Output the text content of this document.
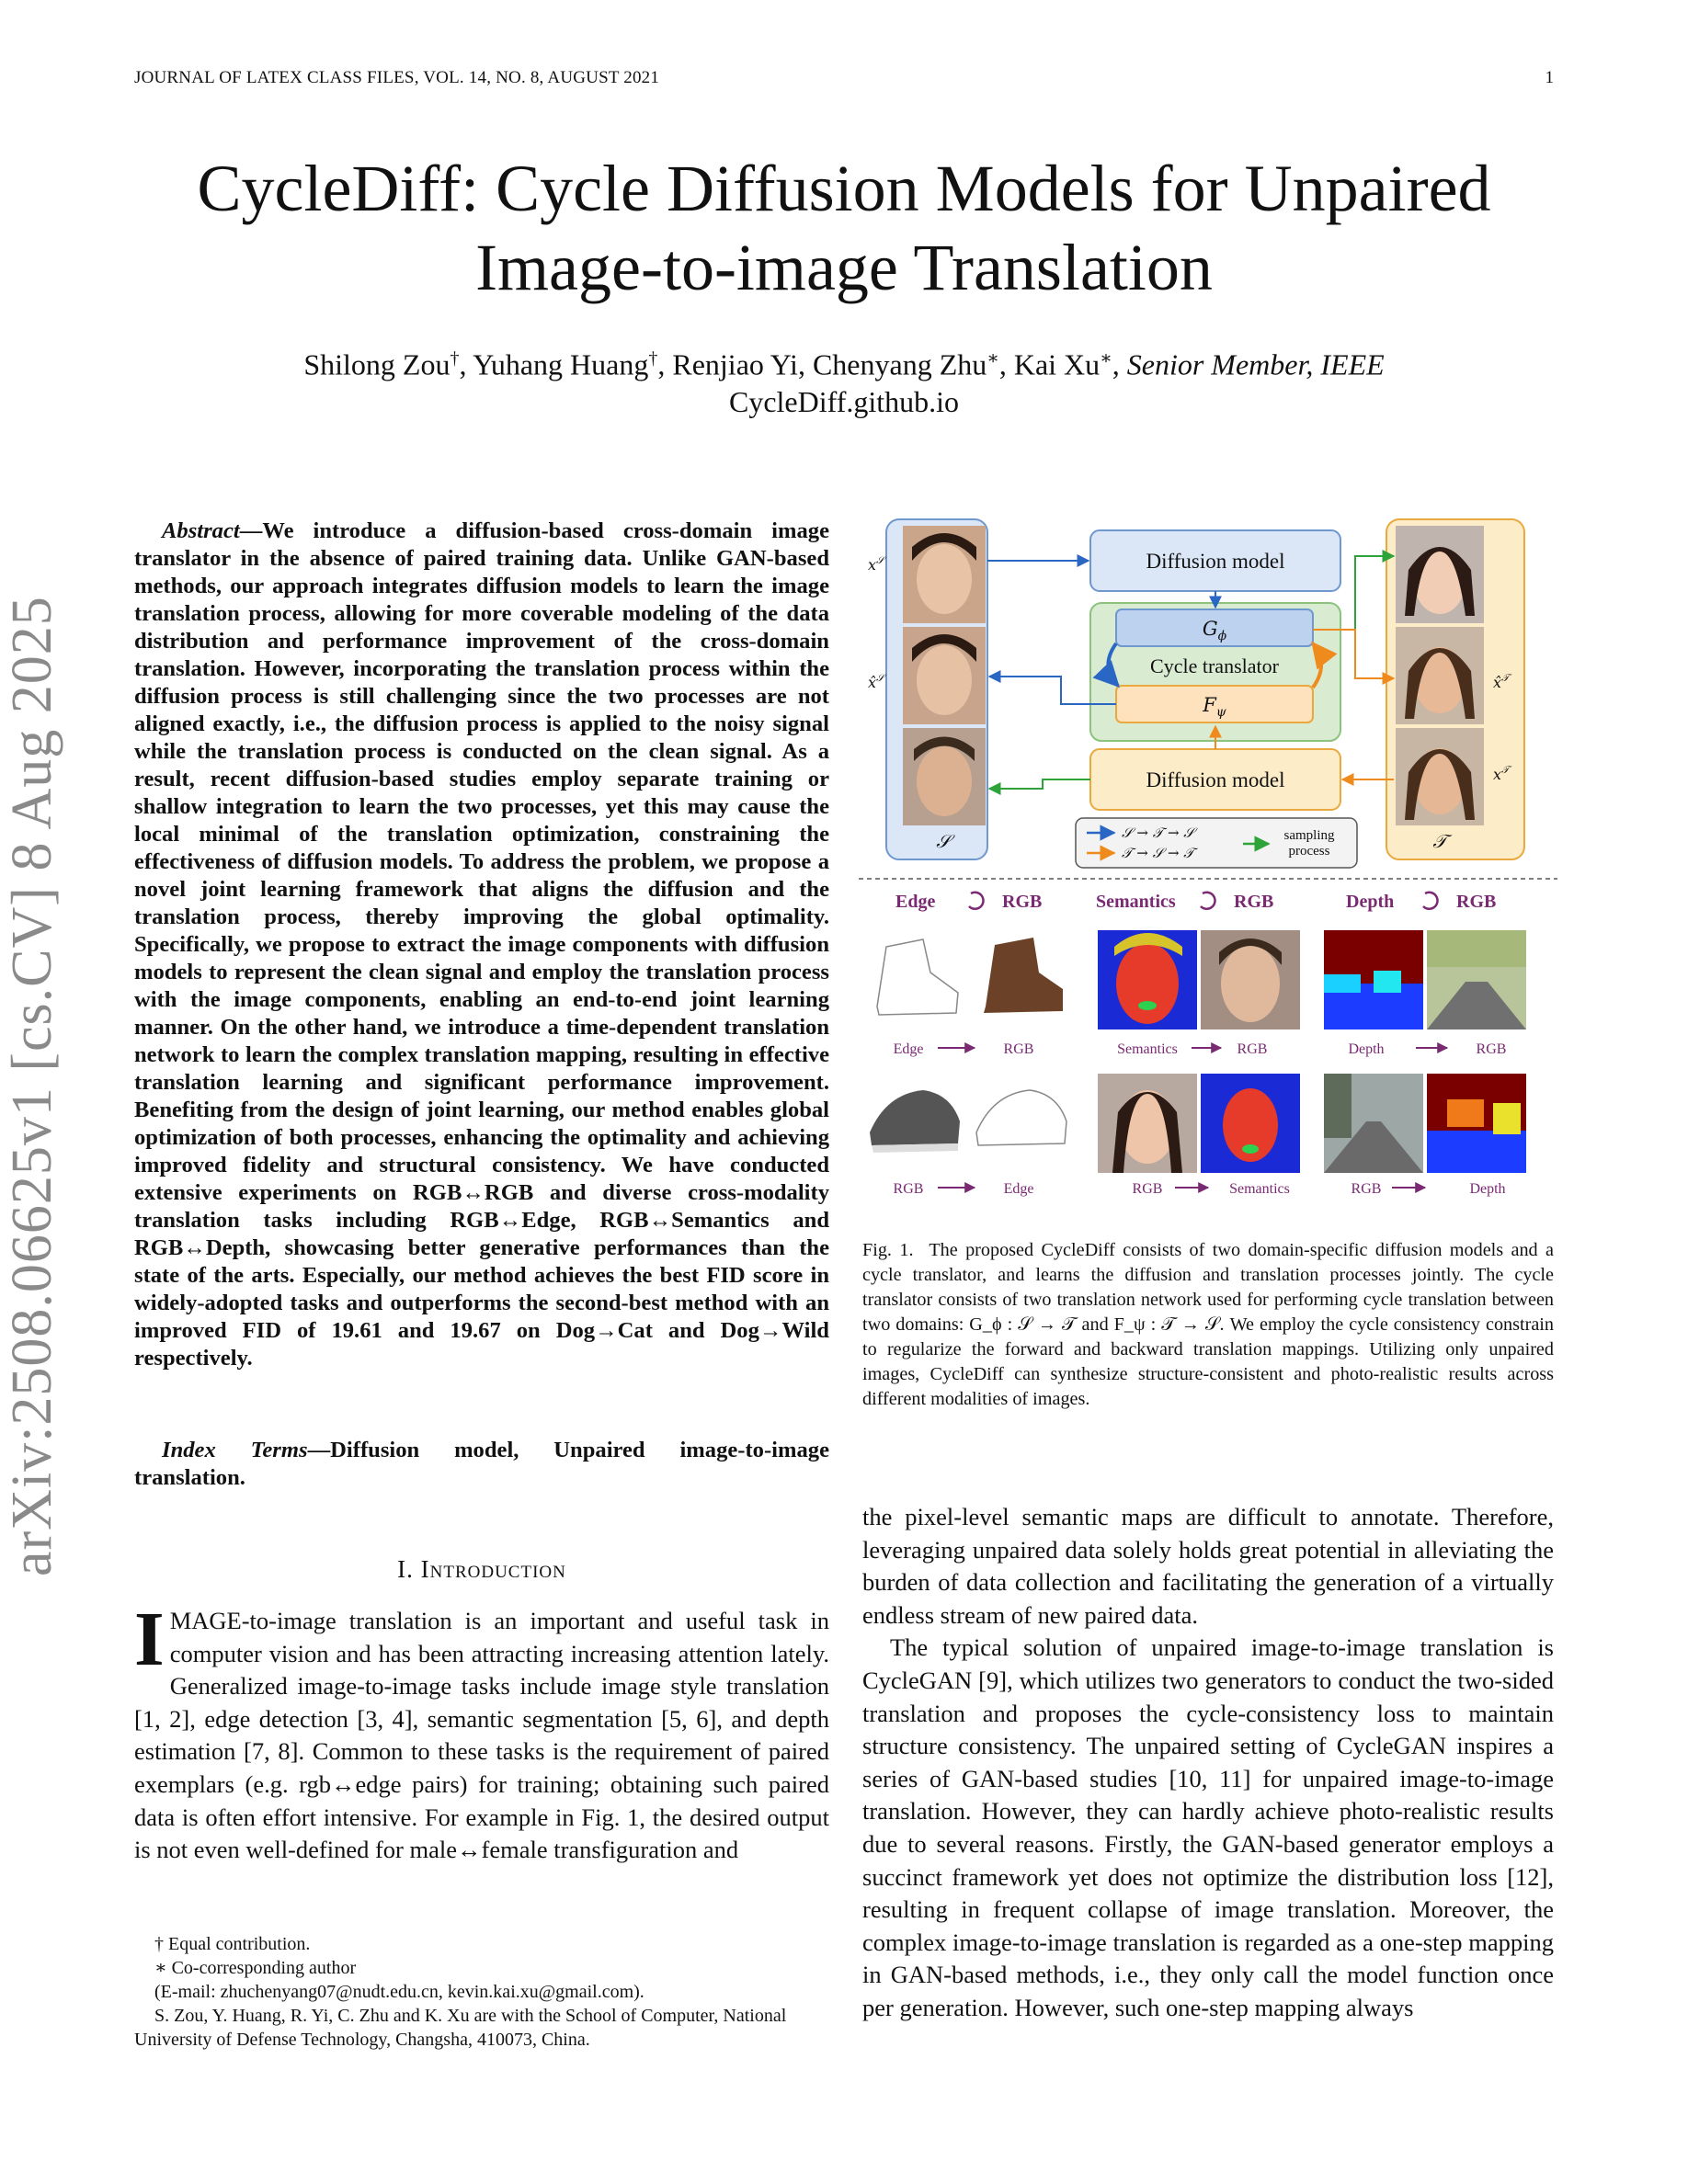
JOURNAL OF LATEX CLASS FILES, VOL. 14, NO. 8, AUGUST 2021	1
arXiv:2508.06625v1 [cs.CV] 8 Aug 2025
CycleDiff: Cycle Diffusion Models for Unpaired
Image-to-image Translation
Shilong Zou†, Yuhang Huang†, Renjiao Yi, Chenyang Zhu∗, Kai Xu∗, Senior Member, IEEE
CycleDiff.github.io
Abstract—We introduce a diffusion-based cross-domain image translator in the absence of paired training data. Unlike GAN-based methods, our approach integrates diffusion models to learn the image translation process, allowing for more coverable modeling of the data distribution and performance improvement of the cross-domain translation. However, incorporating the translation process within the diffusion process is still challenging since the two processes are not aligned exactly, i.e., the diffusion process is applied to the noisy signal while the translation process is conducted on the clean signal. As a result, recent diffusion-based studies employ separate training or shallow integration to learn the two processes, yet this may cause the local minimal of the translation optimization, constraining the effectiveness of diffusion models. To address the problem, we propose a novel joint learning framework that aligns the diffusion and the translation process, thereby improving the global optimality. Specifically, we propose to extract the image components with diffusion models to represent the clean signal and employ the translation process with the image components, enabling an end-to-end joint learning manner. On the other hand, we introduce a time-dependent translation network to learn the complex translation mapping, resulting in effective translation learning and significant performance improvement. Benefiting from the design of joint learning, our method enables global optimization of both processes, enhancing the optimality and achieving improved fidelity and structural consistency. We have conducted extensive experiments on RGB↔RGB and diverse cross-modality translation tasks including RGB↔Edge, RGB↔Semantics and RGB↔Depth, showcasing better generative performances than the state of the arts. Especially, our method achieves the best FID score in widely-adopted tasks and outperforms the second-best method with an improved FID of 19.61 and 19.67 on Dog→Cat and Dog→Wild respectively.
Index Terms—Diffusion model, Unpaired image-to-image translation.
I. Introduction
IMAGE-to-image translation is an important and useful task in computer vision and has been attracting increasing attention lately. Generalized image-to-image tasks include image style translation [1, 2], edge detection [3, 4], semantic segmentation [5, 6], and depth estimation [7, 8]. Common to these tasks is the requirement of paired exemplars (e.g. rgb↔edge pairs) for training; obtaining such paired data is often effort intensive. For example in Fig. 1, the desired output is not even well-defined for male↔female transfiguration and
† Equal contribution.
∗ Co-corresponding author
(E-mail: zhuchenyang07@nudt.edu.cn, kevin.kai.xu@gmail.com).
S. Zou, Y. Huang, R. Yi, C. Zhu and K. Xu are with the School of Computer, National University of Defense Technology, Changsha, 410073, China.
$x^𝒮$
x̂$^𝒮$
𝒮
x̂$^𝒯$
$x^𝒯$
𝒯
Diffusion model
$G_\phi$
Cycle translator
$F_\psi$
Diffusion model
𝒮 → 𝒯 → 𝒮
𝒯 → 𝒮 → 𝒯
sampling
process
Edge	RGB	Semantics	RGB	Depth	RGB
Edge	RGB	Semantics	RGB	Depth	RGB
RGB	Edge	RGB	Semantics	RGB	Depth
Fig. 1. The proposed CycleDiff consists of two domain-specific diffusion models and a cycle translator, and learns the diffusion and translation processes jointly. The cycle translator consists of two translation network used for performing cycle translation between two domains: G_ϕ : 𝒮 → 𝒯 and F_ψ : 𝒯 → 𝒮. We employ the cycle consistency constrain to regularize the forward and backward translation mappings. Utilizing only unpaired images, CycleDiff can synthesize structure-consistent and photo-realistic results across different modalities of images.

the pixel-level semantic maps are difficult to annotate. Therefore, leveraging unpaired data solely holds great potential in alleviating the burden of data collection and facilitating the generation of a virtually endless stream of new paired data.

The typical solution of unpaired image-to-image translation is CycleGAN [9], which utilizes two generators to conduct the two-sided translation and proposes the cycle-consistency loss to maintain structure consistency. The unpaired setting of CycleGAN inspires a series of GAN-based studies [10, 11] for unpaired image-to-image translation. However, they can hardly achieve photo-realistic results due to several reasons. Firstly, the GAN-based generator employs a succinct framework yet does not optimize the distribution loss [12], resulting in frequent collapse of image translation. Moreover, the complex image-to-image translation is regarded as a one-step mapping in GAN-based methods, i.e., they only call the model function once per generation. However, such one-step mapping always
